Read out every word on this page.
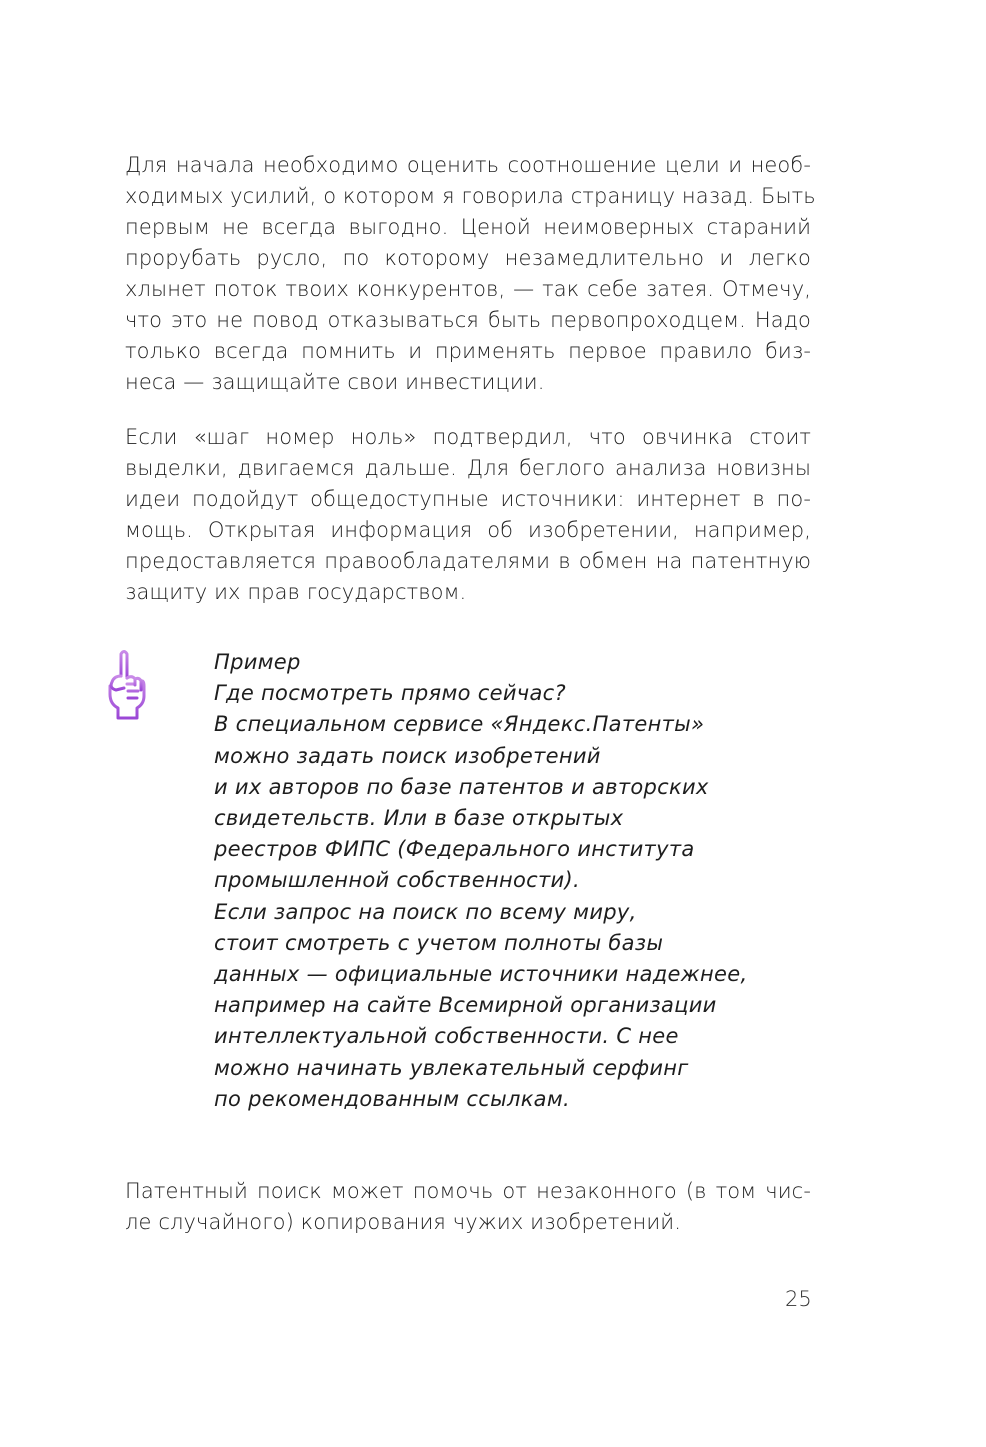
Для начала необходимо оценить соотношение цели и необ-
ходимых усилий, о котором я говорила страницу назад. Быть
первым не всегда выгодно. Ценой неимоверных стараний
прорубать русло, по которому незамедлительно и легко
хлынет поток твоих конкурентов, — так себе затея. Отмечу,
что это не повод отказываться быть первопроходцем. Надо
только всегда помнить и применять первое правило биз-
неса — защищайте свои инвестиции.
Если «шаг номер ноль» подтвердил, что овчинка стоит
выделки, двигаемся дальше. Для беглого анализа новизны
идеи подойдут общедоступные источники: интернет в по-
мощь. Открытая информация об изобретении, например,
предоставляется правообладателями в обмен на патентную
защиту их прав государством.
Пример
Где посмотреть прямо сейчас?
В специальном сервисе «Яндекс.Патенты»
можно задать поиск изобретений
и их авторов по базе патентов и авторских
свидетельств. Или в базе открытых
реестров ФИПС (Федерального института
промышленной собственности).
Если запрос на поиск по всему миру,
стоит смотреть с учетом полноты базы
данных — официальные источники надежнее,
например на сайте Всемирной организации
интеллектуальной собственности. С нее
можно начинать увлекательный серфинг
по рекомендованным ссылкам.
Патентный поиск может помочь от незаконного (в том чис-
ле случайного) копирования чужих изобретений.
25
